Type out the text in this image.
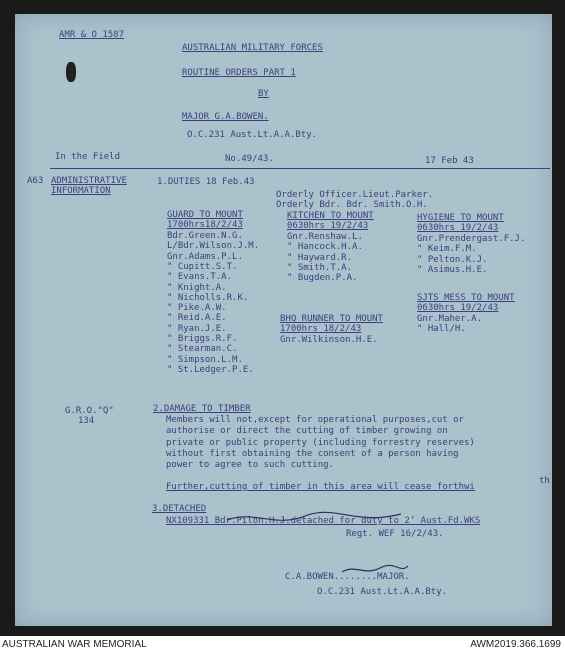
AMR & O 1587
AUSTRALIAN MILITARY FORCES
ROUTINE ORDERS PART 1
BY
MAJOR G.A.BOWEN.
O.C.231 Aust.Lt.A.A.Bty.
In the Field	No.49/43.	17 Feb 43
A63 ADMINISTRATIVE
INFORMATION
1.DUTIES 18 Feb.43
Orderly Officer.Lieut.Parker.
Orderly Bdr. Bdr. Smith.O.H.
GUARD TO MOUNT
1700hrs18/2/43
Bdr.Green.N.G.
L/Bdr.Wilson.J.M.
Gnr.Adams.P.L.
" Cupitt.S.T.
" Evans.T.A.
" Knight.A.
" Nicholls.R.K.
" Pike.A.W.
" Reid.A.E.
" Ryan.J.E.
" Briggs.R.F.
" Stearman.C.
" Simpson.L.M.
" St.Ledger.P.E.
KITCHEN TO MOUNT
0630hrs 19/2/43
Gnr.Renshaw.L.
" Hancock.H.A.
" Hayward.R.
" Smith.T.A.
" Bugden.P.A.
HYGIENE TO MOUNT
0630hrs 19/2/43
Gnr.Prendergast.F.J.
" Keim.F.M.
" Pelton.K.J.
" Asimus.H.E.
BHQ RUNNER TO MOUNT
1700hrs 18/2/43
Gnr.Wilkinson.H.E.
SJTS MESS TO MOUNT
0630hrs 19/2/43
Gnr.Maher.A.
" Hall/H.
G.R.O."Q"
134
2.DAMAGE TO TIMBER
Members will not,except for operational purposes,cut or
authorise or direct the cutting of timber growing on
private or public property (including forrestry reserves)
without first obtaining the consent of a person having
power to agree to such cutting.
th
Further,cutting of timber in this area will cease forthwi
3.DETACHED
NX109331 Bdr.Pilon.H.J.detached for duty to 2’ Aust.Fd.WKS
Regt. WEF 16/2/43.
C.A.BOWEN........MAJOR.
O.C.231 Aust.Lt.A.A.Bty.
AUSTRALIAN WAR MEMORIAL	AWM2019.366.1699
